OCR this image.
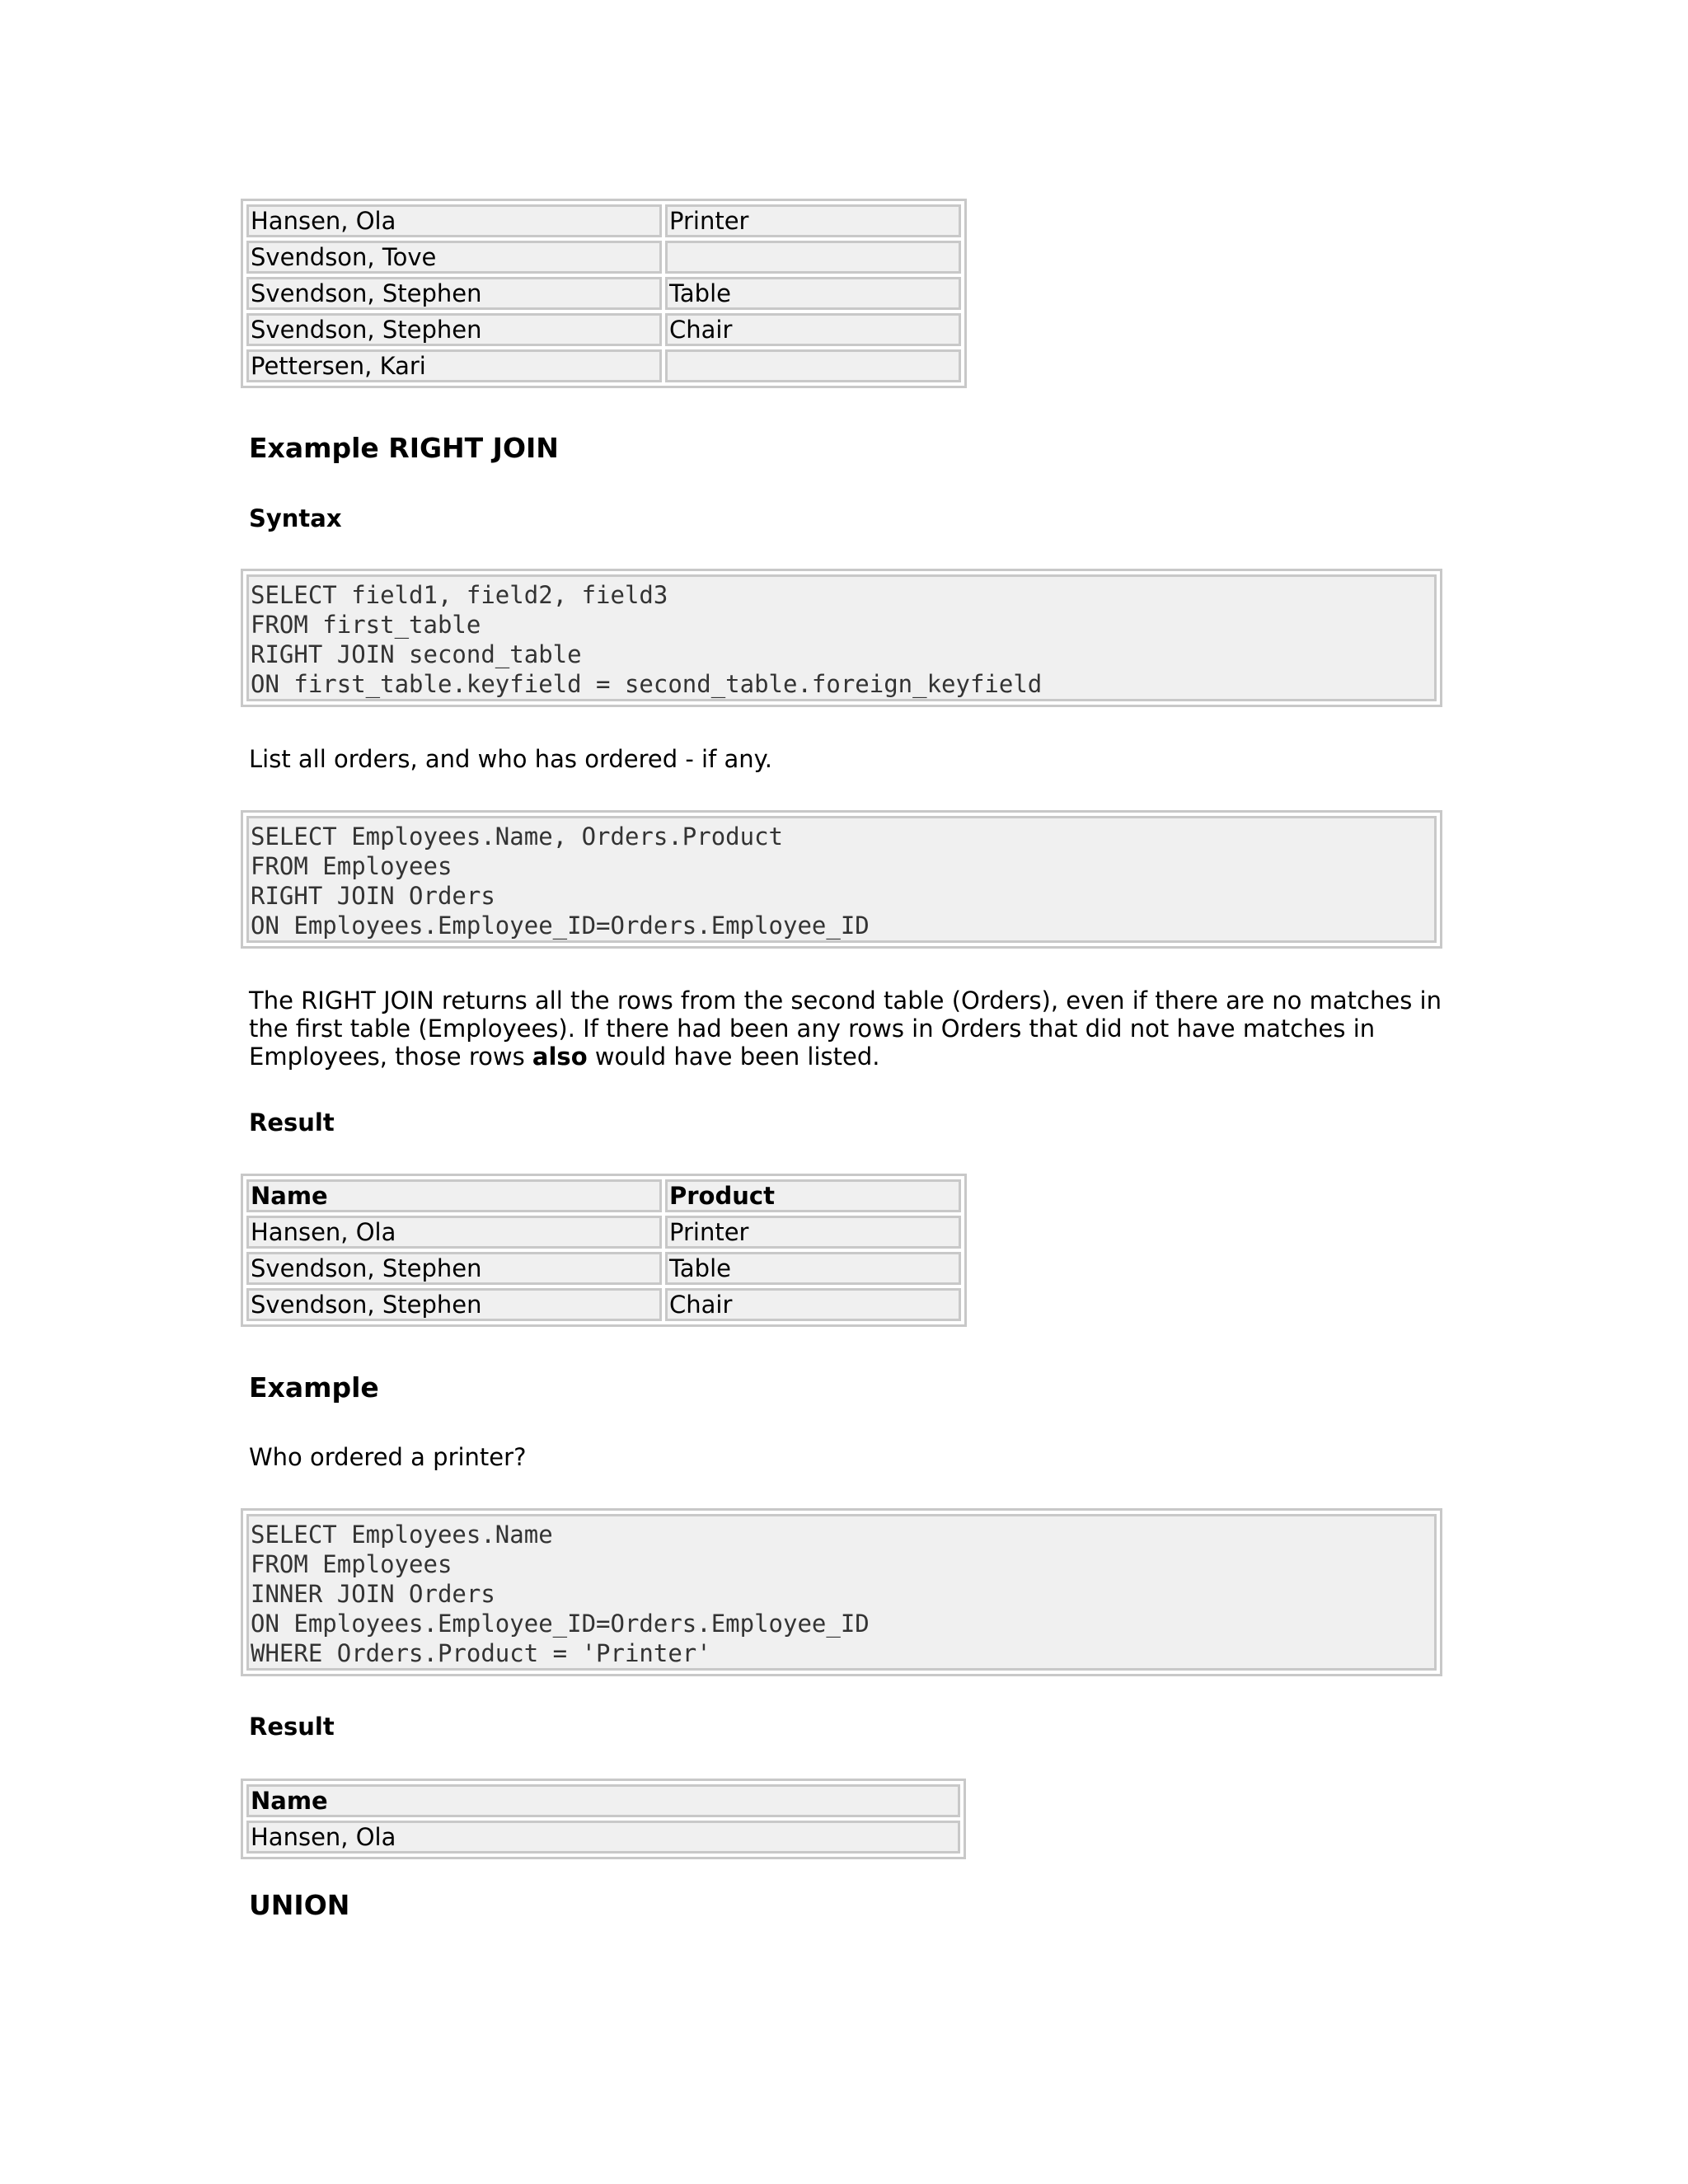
Hansen, Ola	Printer
Svendson, Tove	
Svendson, Stephen	Table
Svendson, Stephen	Chair
Pettersen, Kari	
Example RIGHT JOIN
Syntax
SELECT field1, field2, field3
FROM first_table
RIGHT JOIN second_table
ON first_table.keyfield = second_table.foreign_keyfield

List all orders, and who has ordered - if any.

SELECT Employees.Name, Orders.Product
FROM Employees
RIGHT JOIN Orders
ON Employees.Employee_ID=Orders.Employee_ID

The RIGHT JOIN returns all the rows from the second table (Orders), even if there are no matches in the first table (Employees). If there had been any rows in Orders that did not have matches in Employees, those rows also would have been listed.

Result
Name	Product
Hansen, Ola	Printer
Svendson, Stephen	Table
Svendson, Stephen	Chair
Example

Who ordered a printer?

SELECT Employees.Name
FROM Employees
INNER JOIN Orders
ON Employees.Employee_ID=Orders.Employee_ID
WHERE Orders.Product = 'Printer'
Result
Name
Hansen, Ola
UNION
